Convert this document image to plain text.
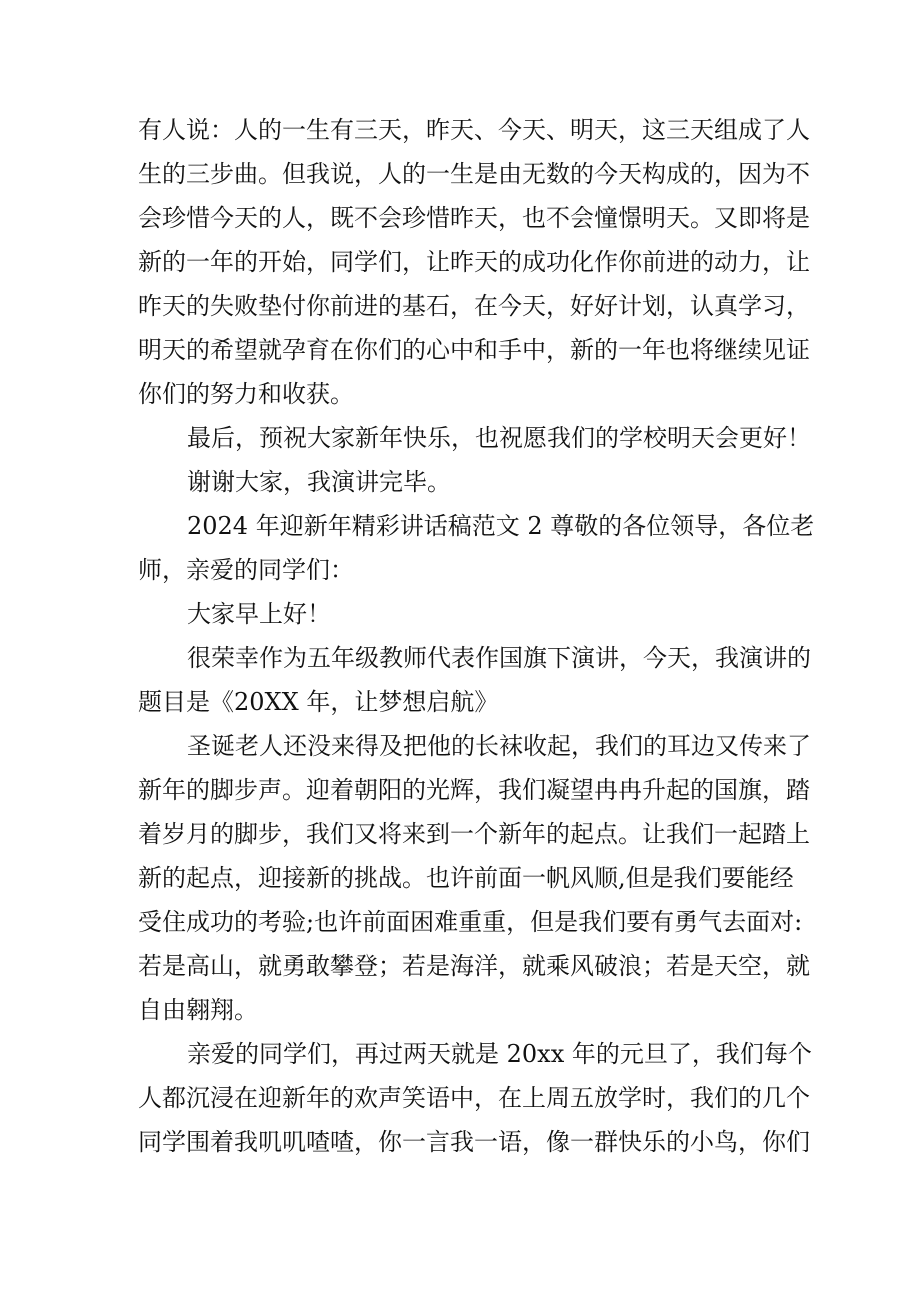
有人说：人的一生有三天，昨天、今天、明天，这三天组成了人

生的三步曲。但我说，人的一生是由无数的今天构成的，因为不

会珍惜今天的人，既不会珍惜昨天，也不会憧憬明天。又即将是

新的一年的开始，同学们，让昨天的成功化作你前进的动力，让

昨天的失败垫付你前进的基石，在今天，好好计划，认真学习，

明天的希望就孕育在你们的心中和手中，新的一年也将继续见证

你们的努力和收获。

最后，预祝大家新年快乐，也祝愿我们的学校明天会更好！

谢谢大家，我演讲完毕。

2024 年迎新年精彩讲话稿范文 2 尊敬的各位领导，各位老

师，亲爱的同学们：

大家早上好！

很荣幸作为五年级教师代表作国旗下演讲，今天，我演讲的

题目是《20XX 年，让梦想启航》

圣诞老人还没来得及把他的长袜收起，我们的耳边又传来了

新年的脚步声。迎着朝阳的光辉，我们凝望冉冉升起的国旗，踏

着岁月的脚步，我们又将来到一个新年的起点。让我们一起踏上

新的起点，迎接新的挑战。也许前面一帆风顺,但是我们要能经

受住成功的考验;也许前面困难重重，但是我们要有勇气去面对:

若是高山，就勇敢攀登；若是海洋，就乘风破浪；若是天空，就

自由翱翔。

亲爱的同学们，再过两天就是 20xx 年的元旦了，我们每个

人都沉浸在迎新年的欢声笑语中，在上周五放学时，我们的几个

同学围着我叽叽喳喳，你一言我一语，像一群快乐的小鸟，你们
